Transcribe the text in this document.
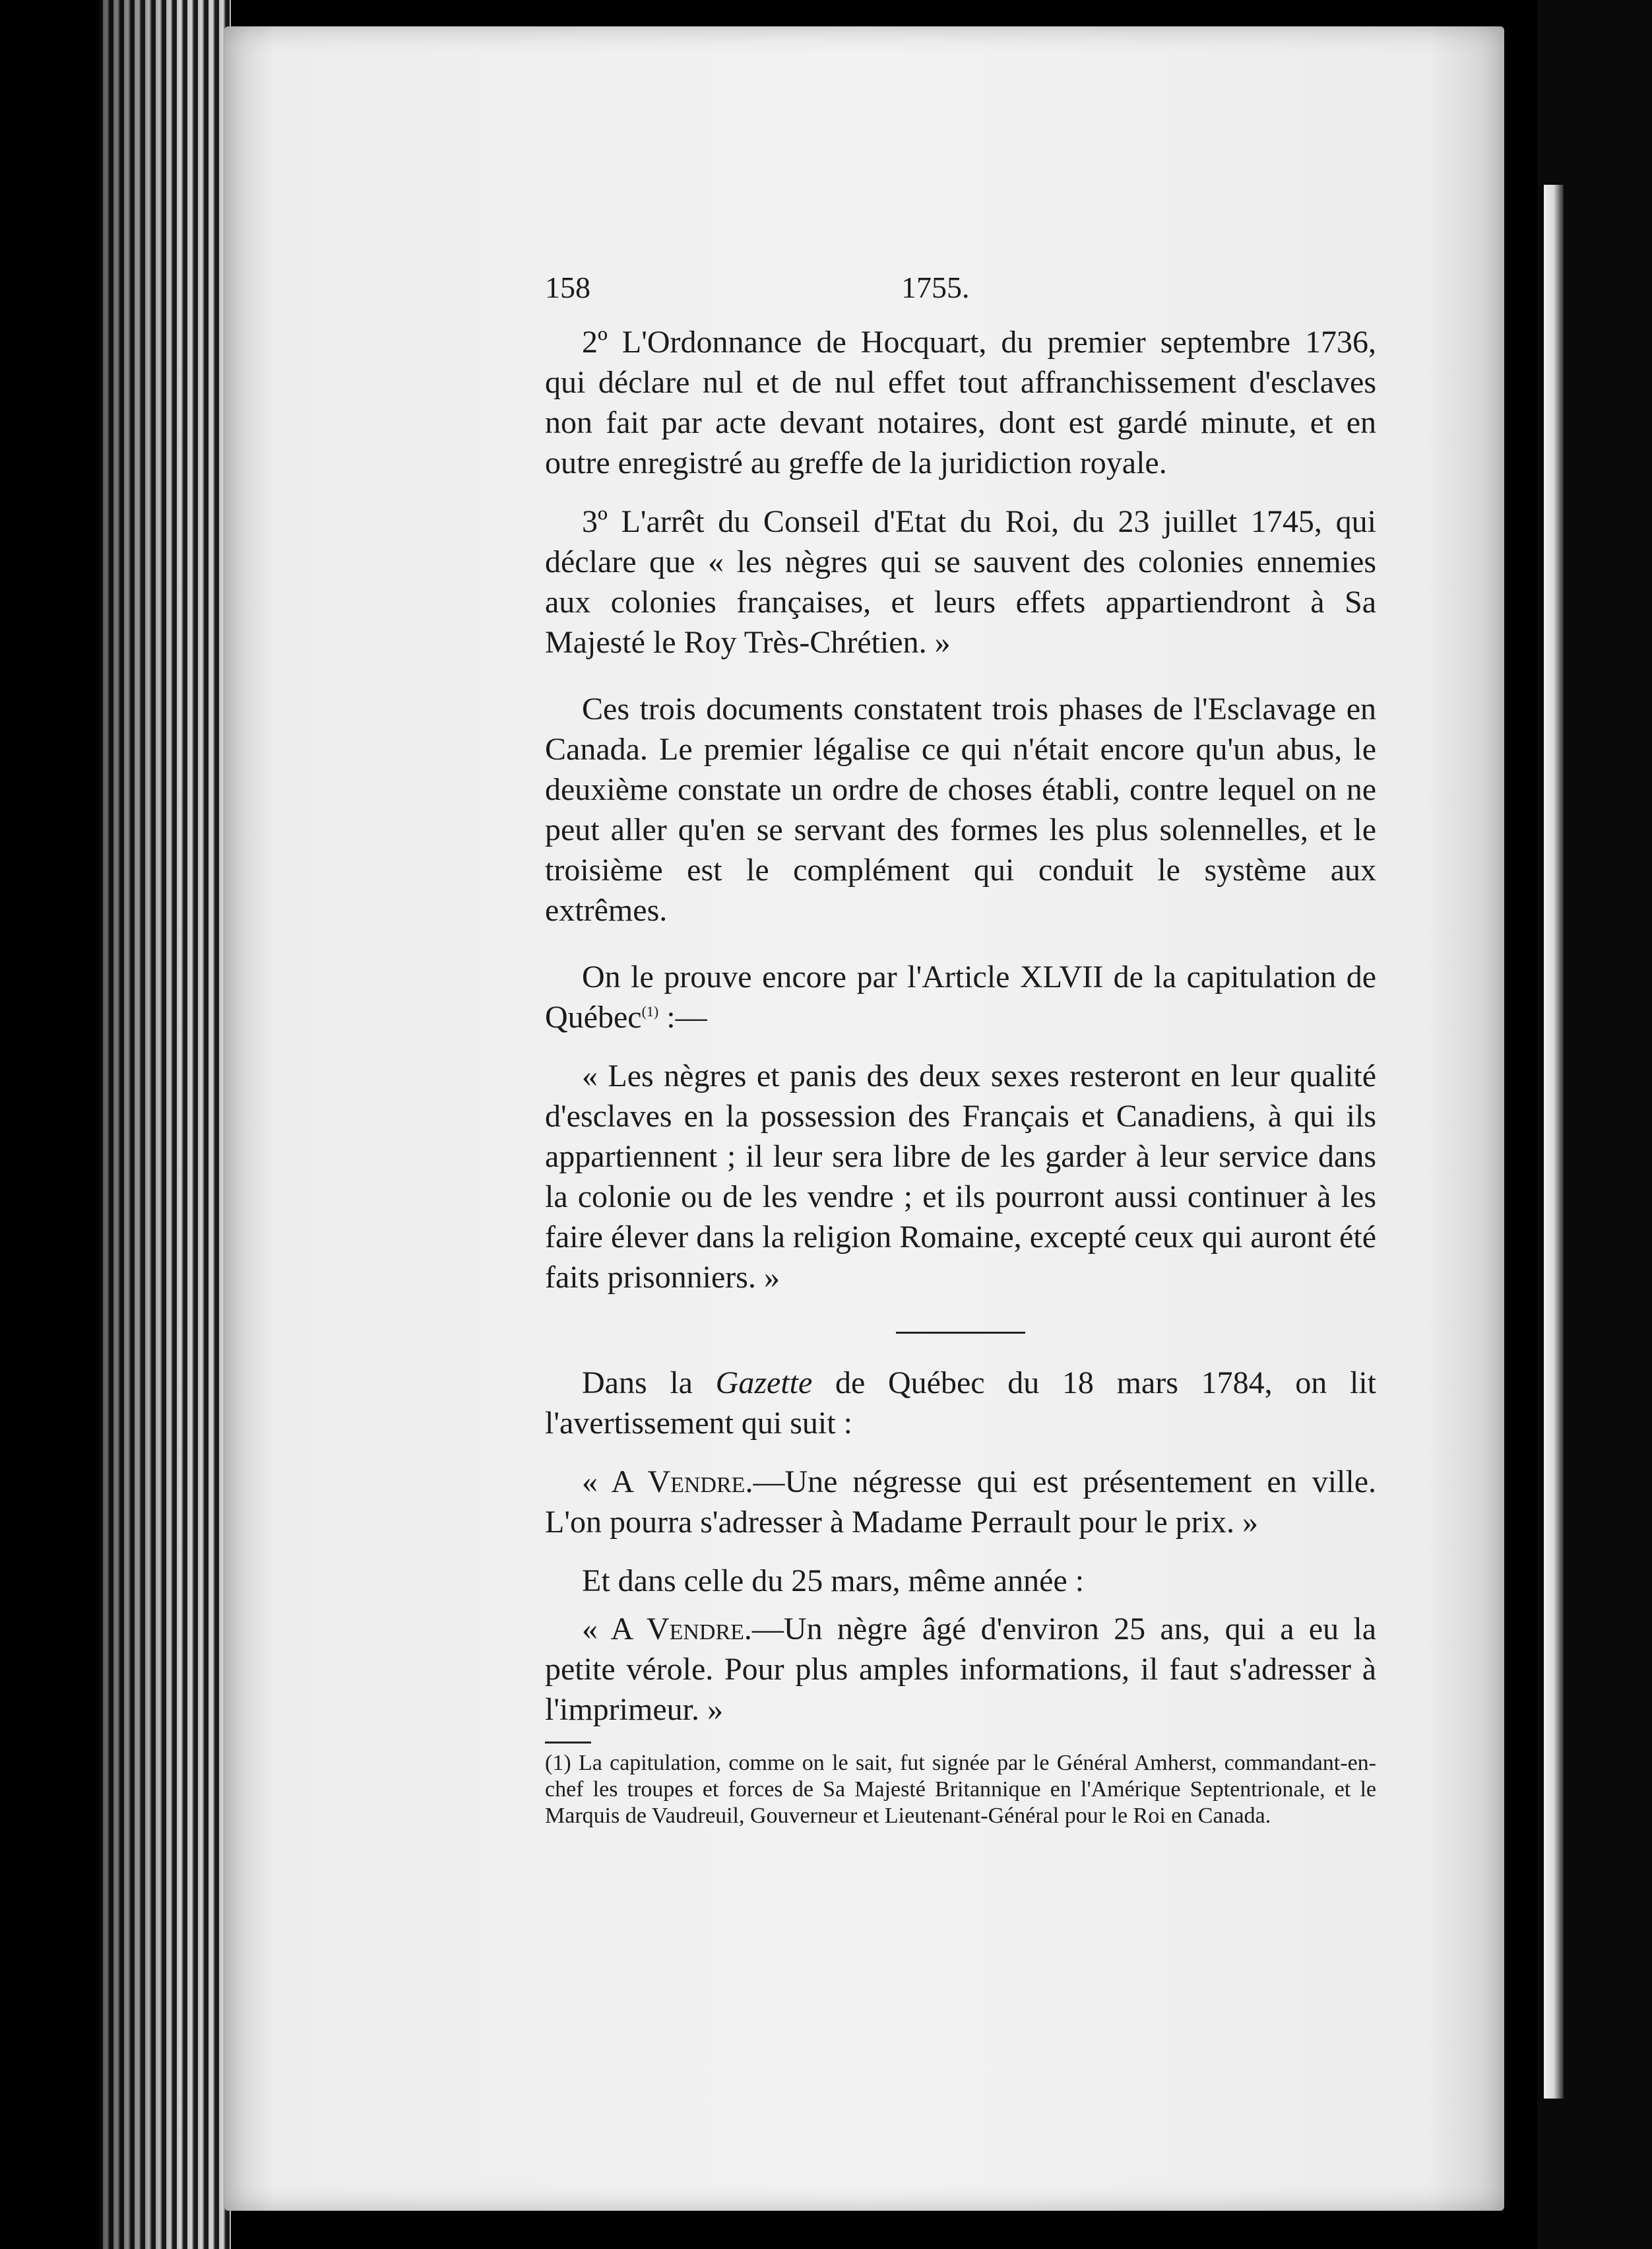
158	1755.

2º L'Ordonnance de Hocquart, du premier septembre 1736, qui déclare nul et de nul effet tout affranchissement d'esclaves non fait par acte devant notaires, dont est gardé minute, et en outre enregistré au greffe de la juridiction royale.

3º L'arrêt du Conseil d'Etat du Roi, du 23 juillet 1745, qui déclare que « les nègres qui se sauvent des colonies ennemies aux colonies françaises, et leurs effets appartiendront à Sa Majesté le Roy Très-Chrétien. »

Ces trois documents constatent trois phases de l'Esclavage en Canada. Le premier légalise ce qui n'était encore qu'un abus, le deuxième constate un ordre de choses établi, contre lequel on ne peut aller qu'en se servant des formes les plus solennelles, et le troisième est le complément qui conduit le système aux extrêmes.

On le prouve encore par l'Article XLVII de la capitulation de Québec$^{(1)}$ :—

« Les nègres et panis des deux sexes resteront en leur qualité d'esclaves en la possession des Français et Canadiens, à qui ils appartiennent ; il leur sera libre de les garder à leur service dans la colonie ou de les vendre ; et ils pourront aussi continuer à les faire élever dans la religion Romaine, excepté ceux qui auront été faits prisonniers. »

Dans la Gazette de Québec du 18 mars 1784, on lit l'avertissement qui suit :

« A Vendre.—Une négresse qui est présentement en ville. L'on pourra s'adresser à Madame Perrault pour le prix. »

Et dans celle du 25 mars, même année :

« A Vendre.—Un nègre âgé d'environ 25 ans, qui a eu la petite vérole. Pour plus amples informations, il faut s'adresser à l'imprimeur. »

(1) La capitulation, comme on le sait, fut signée par le Général Amherst, commandant-en-chef les troupes et forces de Sa Majesté Britannique en l'Amérique Septentrionale, et le Marquis de Vaudreuil, Gouverneur et Lieutenant-Général pour le Roi en Canada.
